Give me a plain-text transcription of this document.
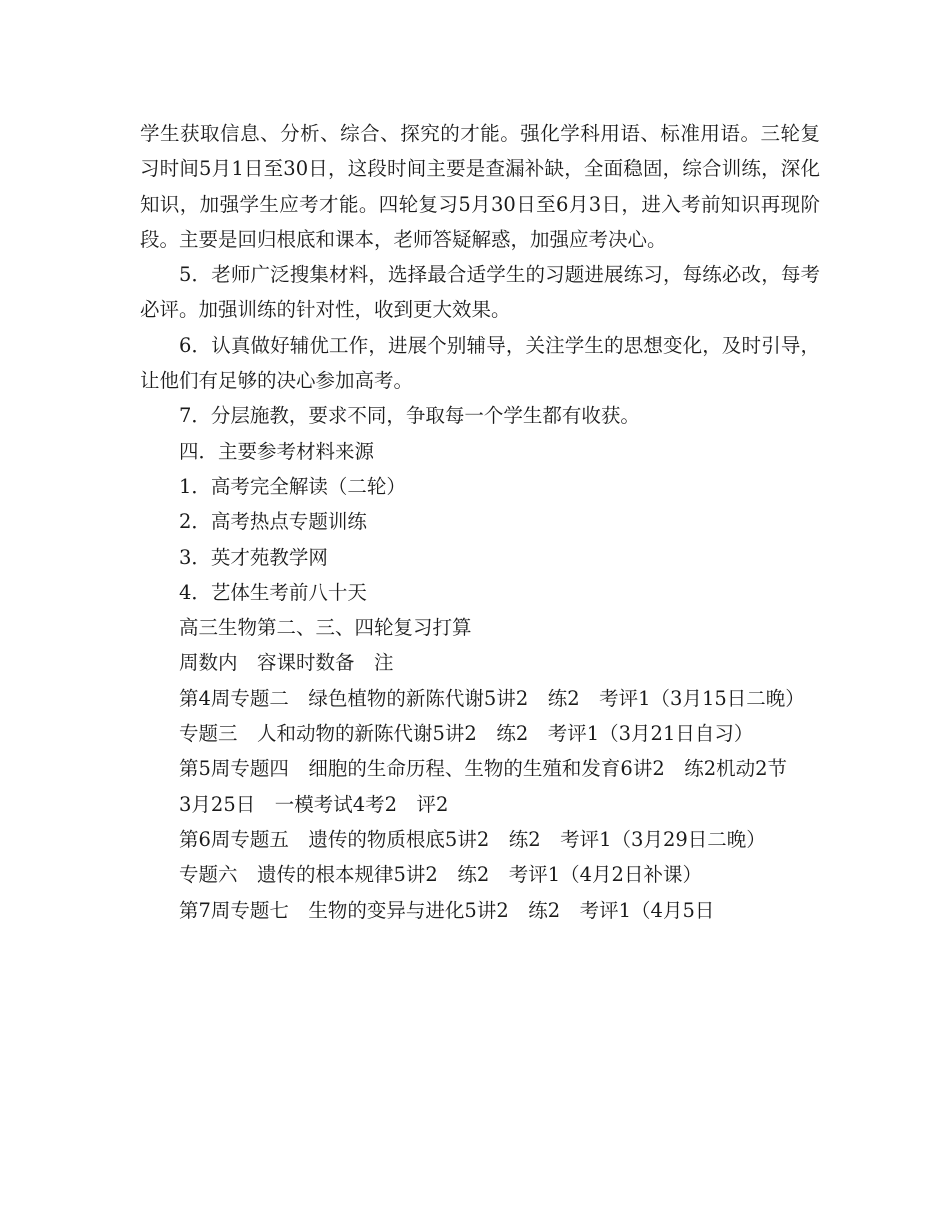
学生获取信息、分析、综合、探究的才能。强化学科用语、标准用语。三轮复习时间5月1日至30日，这段时间主要是查漏补缺，全面稳固，综合训练，深化知识，加强学生应考才能。四轮复习5月30日至6月3日，进入考前知识再现阶段。主要是回归根底和课本，老师答疑解惑，加强应考决心。

5．老师广泛搜集材料，选择最合适学生的习题进展练习，每练必改，每考必评。加强训练的针对性，收到更大效果。

6．认真做好辅优工作，进展个别辅导，关注学生的思想变化，及时引导，让他们有足够的决心参加高考。

7．分层施教，要求不同，争取每一个学生都有收获。

四．主要参考材料来源

1．高考完全解读（二轮）

2．高考热点专题训练

3．英才苑教学网

4．艺体生考前八十天

高三生物第二、三、四轮复习打算

周数内　容课时数备　注

第4周专题二　绿色植物的新陈代谢5讲2　练2　考评1（3月15日二晚）

专题三　人和动物的新陈代谢5讲2　练2　考评1（3月21日自习）

第5周专题四　细胞的生命历程、生物的生殖和发育6讲2　练2机动2节

3月25日　一模考试4考2　评2

第6周专题五　遗传的物质根底5讲2　练2　考评1（3月29日二晚）

专题六　遗传的根本规律5讲2　练2　考评1（4月2日补课）

第7周专题七　生物的变异与进化5讲2　练2　考评1（4月5日
